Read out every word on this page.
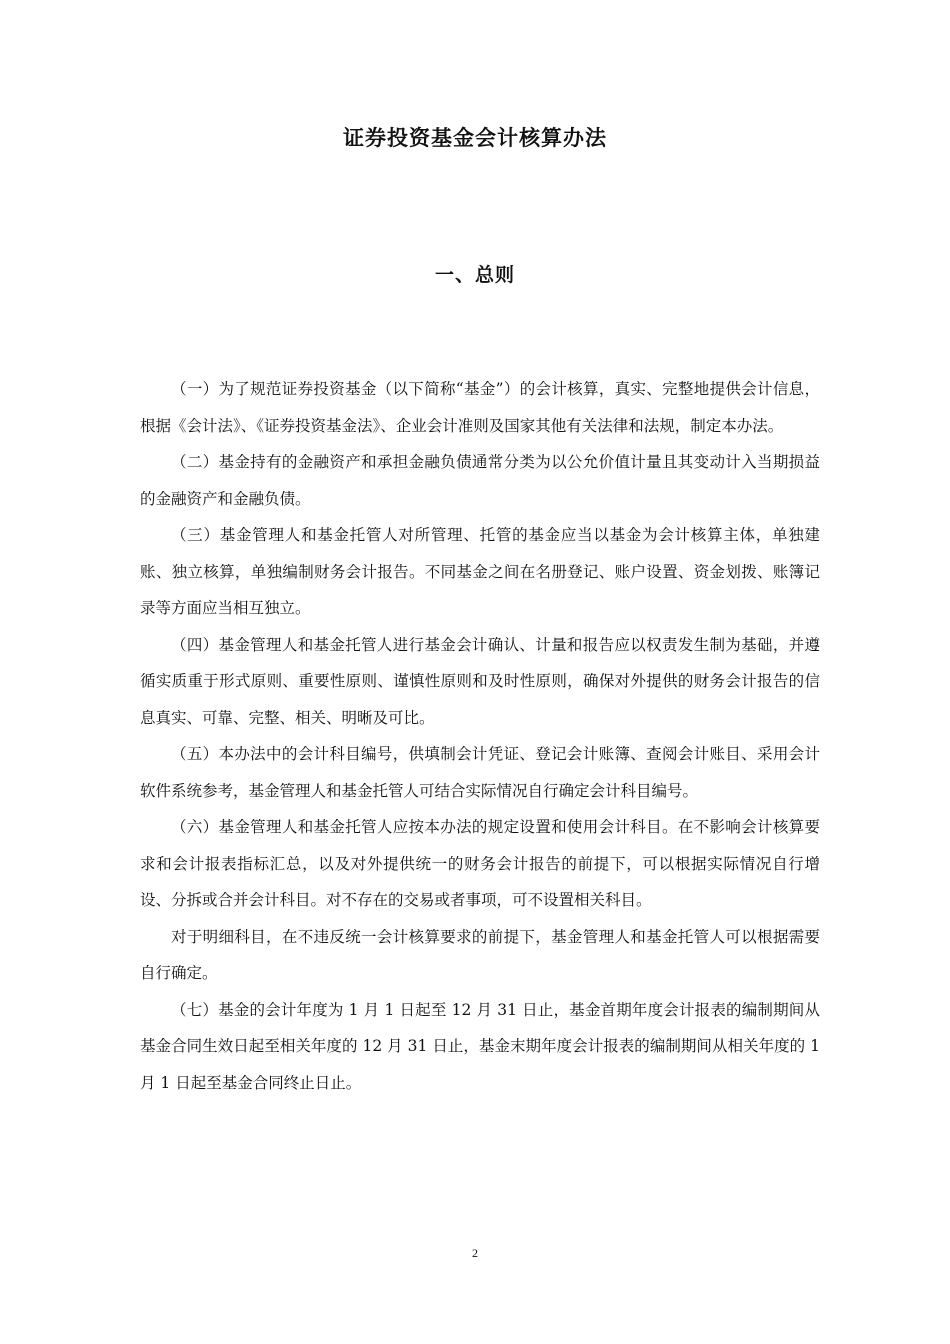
证券投资基金会计核算办法
一、总则

（一）为了规范证券投资基金（以下简称“基金”）的会计核算，真实、完整地提供会计信息，根据《会计法》、《证券投资基金法》、企业会计准则及国家其他有关法律和法规，制定本办法。

（二）基金持有的金融资产和承担金融负债通常分类为以公允价值计量且其变动计入当期损益的金融资产和金融负债。

（三）基金管理人和基金托管人对所管理、托管的基金应当以基金为会计核算主体，单独建账、独立核算，单独编制财务会计报告。不同基金之间在名册登记、账户设置、资金划拨、账簿记录等方面应当相互独立。

（四）基金管理人和基金托管人进行基金会计确认、计量和报告应以权责发生制为基础，并遵循实质重于形式原则、重要性原则、谨慎性原则和及时性原则，确保对外提供的财务会计报告的信息真实、可靠、完整、相关、明晰及可比。

（五）本办法中的会计科目编号，供填制会计凭证、登记会计账簿、查阅会计账目、采用会计软件系统参考，基金管理人和基金托管人可结合实际情况自行确定会计科目编号。

（六）基金管理人和基金托管人应按本办法的规定设置和使用会计科目。在不影响会计核算要求和会计报表指标汇总，以及对外提供统一的财务会计报告的前提下，可以根据实际情况自行增设、分拆或合并会计科目。对不存在的交易或者事项，可不设置相关科目。

对于明细科目，在不违反统一会计核算要求的前提下，基金管理人和基金托管人可以根据需要自行确定。

（七）基金的会计年度为 1 月 1 日起至 12 月 31 日止，基金首期年度会计报表的编制期间从基金合同生效日起至相关年度的 12 月 31 日止，基金末期年度会计报表的编制期间从相关年度的 1 月 1 日起至基金合同终止日止。

2
